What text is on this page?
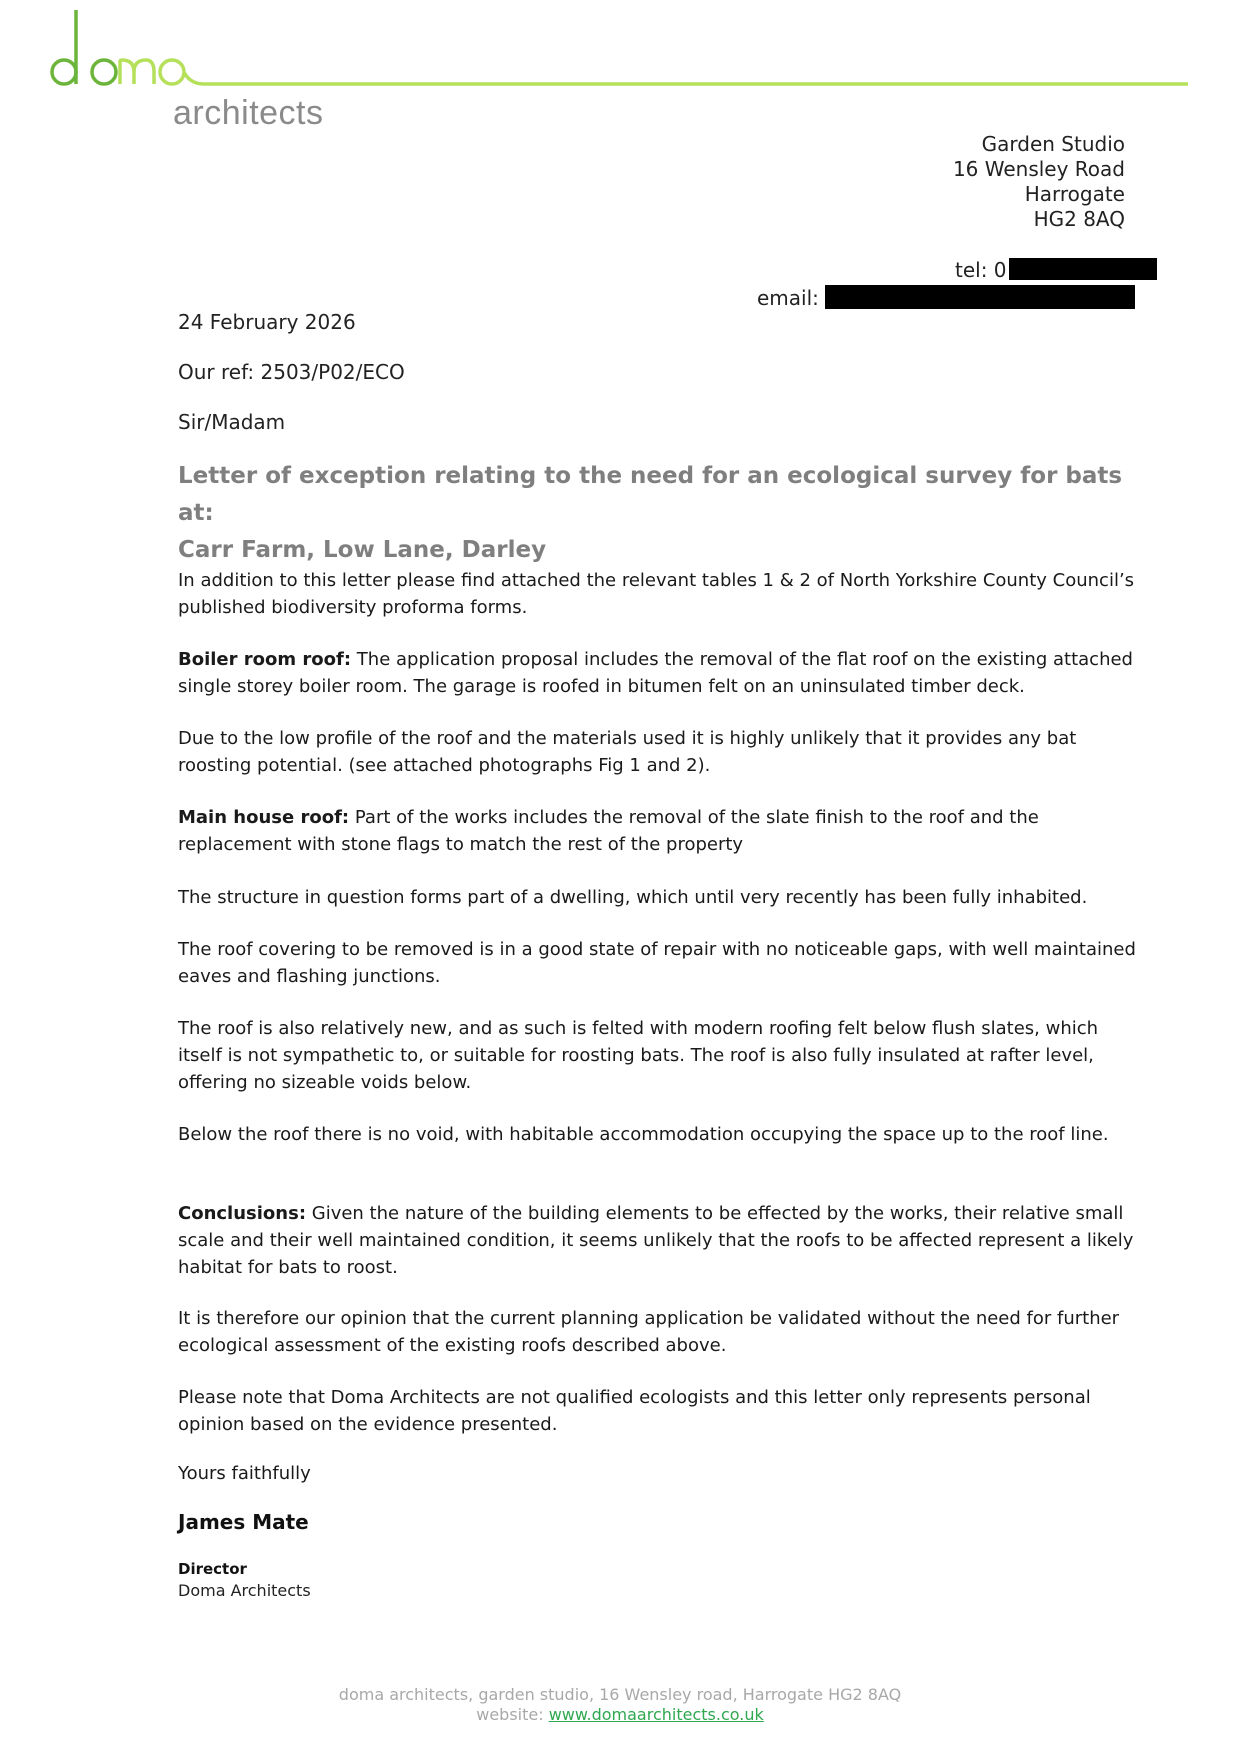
architects
Garden Studio
16 Wensley Road
Harrogate
HG2 8AQ
tel: 0
email:
24 February 2026
Our ref: 2503/P02/ECO
Sir/Madam
Letter of exception relating to the need for an ecological survey for bats at:
Carr Farm, Low Lane, Darley
In addition to this letter please find attached the relevant tables 1 & 2 of North Yorkshire County Council’s published biodiversity proforma forms.
Boiler room roof: The application proposal includes the removal of the flat roof on the existing attached single storey boiler room. The garage is roofed in bitumen felt on an uninsulated timber deck.
Due to the low profile of the roof and the materials used it is highly unlikely that it provides any bat roosting potential. (see attached photographs Fig 1 and 2).
Main house roof: Part of the works includes the removal of the slate finish to the roof and the replacement with stone flags to match the rest of the property
The structure in question forms part of a dwelling, which until very recently has been fully inhabited.
The roof covering to be removed is in a good state of repair with no noticeable gaps, with well maintained eaves and flashing junctions.
The roof is also relatively new, and as such is felted with modern roofing felt below flush slates, which itself is not sympathetic to, or suitable for roosting bats. The roof is also fully insulated at rafter level, offering no sizeable voids below.
Below the roof there is no void, with habitable accommodation occupying the space up to the roof line.
Conclusions: Given the nature of the building elements to be effected by the works, their relative small scale and their well maintained condition, it seems unlikely that the roofs to be affected represent a likely habitat for bats to roost.
It is therefore our opinion that the current planning application be validated without the need for further ecological assessment of the existing roofs described above.
Please note that Doma Architects are not qualified ecologists and this letter only represents personal opinion based on the evidence presented.
Yours faithfully
James Mate
Director
Doma Architects
doma architects, garden studio, 16 Wensley road, Harrogate HG2 8AQ
website: www.domaarchitects.co.uk
